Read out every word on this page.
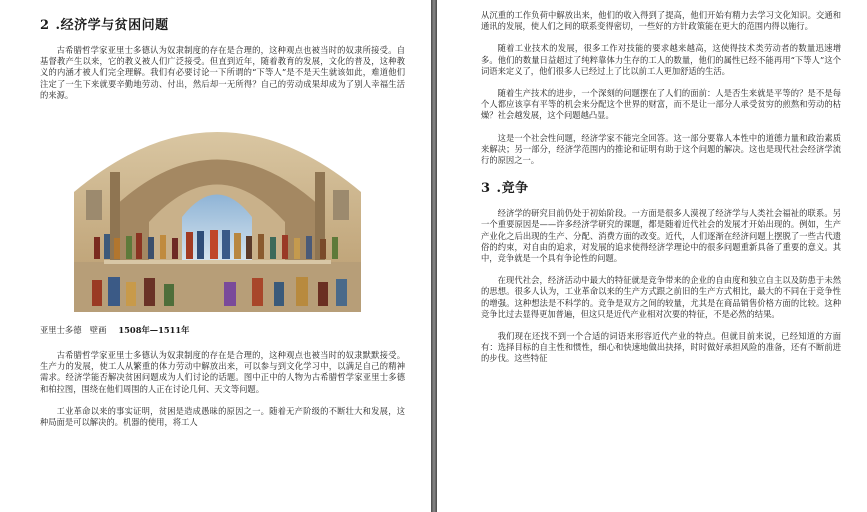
2 .经济学与贫困问题

古希腊哲学家亚里士多德认为奴隶制度的存在是合理的，这种观点也被当时的奴隶所接受。自基督教产生以来，它的教义被人们广泛接受。但直到近年，随着教育的发展，文化的普及，这种教义的内涵才被人们完全理解。我们有必要讨论一下所谓的“下等人”是不是天生就该如此，难道他们注定了一生下来就要辛勤地劳动、付出，然后却一无所得？自己的劳动成果却成为了别人幸福生活的来源。

亚里士多德　壁画 1508年—1511年

古希腊哲学家亚里士多德认为奴隶制度的存在是合理的，这种观点也被当时的奴隶默默接受。生产力的发展，使工人从繁重的体力劳动中解放出来，可以参与到文化学习中，以满足自己的精神需求。经济学能否解决贫困问题成为人们讨论的话题。图中正中的人物为古希腊哲学家亚里士多德和柏拉图，围绕在他们周围的人正在讨论几何、天文等问题。

工业革命以来的事实证明，贫困是造成愚昧的原因之一。随着无产阶级的不断壮大和发展，这种局面是可以解决的。机器的使用，将工人

从沉重的工作负荷中解放出来，他们的收入得到了提高，他们开始有精力去学习文化知识。交通和通讯的发展，使人们之间的联系变得密切，一些好的方针政策能在更大的范围内得以施行。

随着工业技术的发展，很多工作对技能的要求越来越高，这使得技术类劳动者的数量迅速增多。他们的数量日益超过了纯粹靠体力生存的工人的数量，他们的属性已经不能再用“下等人”这个词语来定义了，他们很多人已经过上了比以前工人更加舒适的生活。

随着生产技术的进步，一个深刻的问题摆在了人们的面前：人是否生来就是平等的？是不是每个人都应该享有平等的机会来分配这个世界的财富，而不是让一部分人承受贫穷的煎熬和劳动的枯燥？社会越发展，这个问题越凸显。

这是一个社会性问题，经济学家不能完全回答。这一部分要靠人本性中的道德力量和政治素质来解决；另一部分，经济学范围内的推论和证明有助于这个问题的解决。这也是现代社会经济学流行的原因之一。

3 .竞争

经济学的研究目前仍处于初始阶段。一方面是很多人漠视了经济学与人类社会福祉的联系。另一个重要原因是——许多经济学研究的课题，都是随着近代社会的发展才开始出现的。例如，生产产业化之后出现的生产、分配、消费方面的改变。近代，人们逐渐在经济问题上摆脱了一些古代遗俗的约束，对自由的追求，对发展的追求使得经济学理论中的很多问题重新具备了重要的意义。其中，竞争就是一个具有争论性的问题。

在现代社会，经济活动中最大的特征就是竞争带来的企业的自由度和独立自主以及防患于未然的思想。很多人认为，工业革命以来的生产方式跟之前旧的生产方式相比，最大的不同在于竞争性的增强。这种想法是不科学的。竞争是双方之间的较量，尤其是在商品销售价格方面的比较。这种竞争比过去显得更加普遍，但这只是近代产业相对次要的特征，不是必然的结果。

我们现在还找不到一个合适的词语来形容近代产业的特点。但就目前来说，已经知道的方面有：选择目标的自主性和惯性，细心和快速地做出抉择，时时做好承担风险的准备，还有不断前进的步伐。这些特征
